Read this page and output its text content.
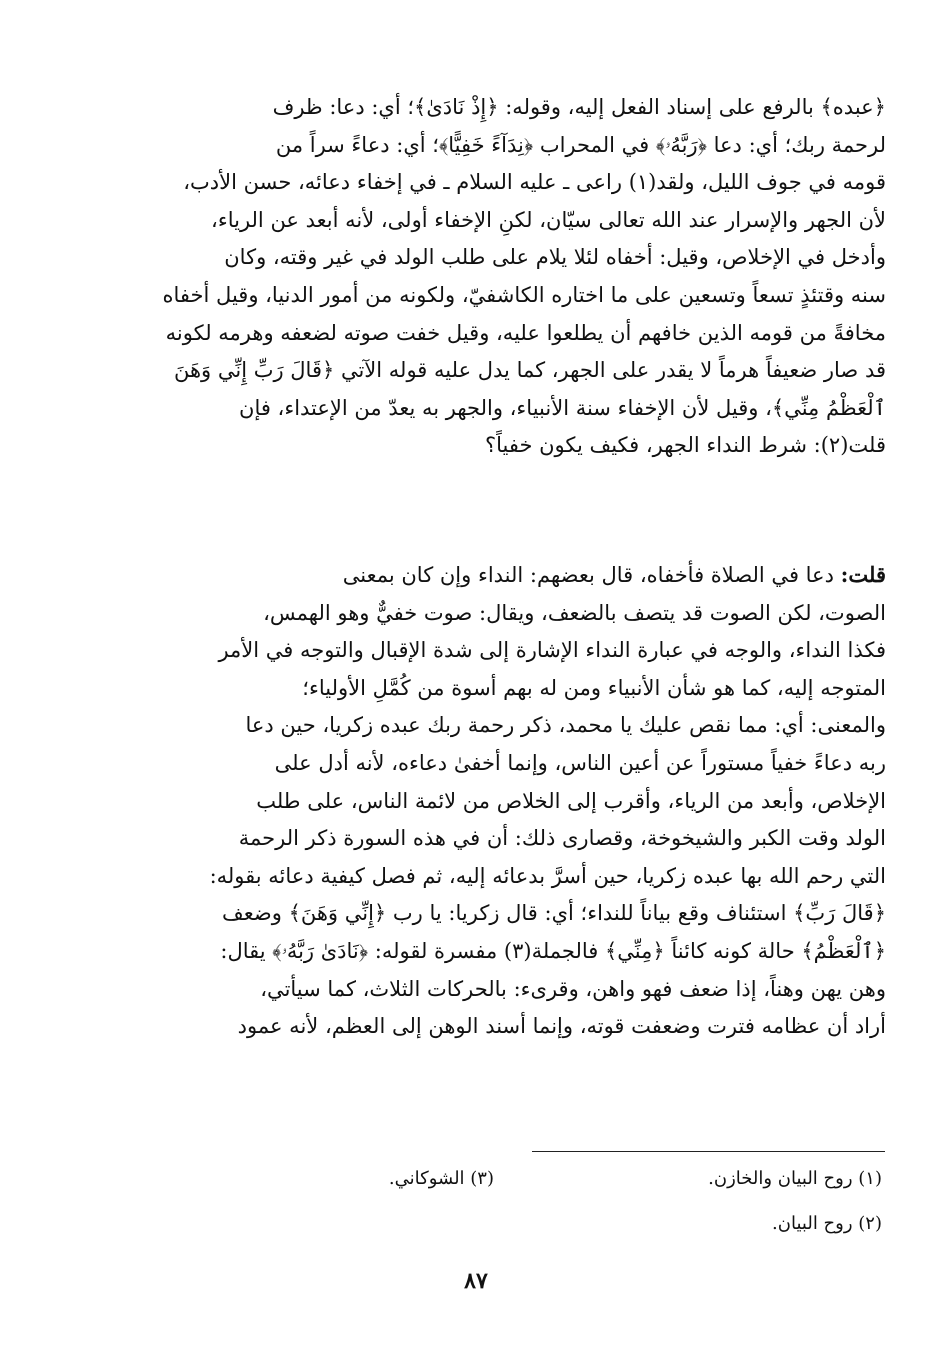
﴿عبده﴾ بالرفع على إسناد الفعل إليه، وقوله: ﴿إِذْ نَادَىٰ﴾؛ أي: دعا: ظرف
لرحمة ربك؛ أي: دعا ﴿رَبَّهُۥ﴾ في المحراب ﴿نِدَآءً خَفِيًّا﴾؛ أي: دعاءً سراً من
قومه في جوف الليل، ولقد(١) راعى ـ عليه السلام ـ في إخفاء دعائه، حسن الأدب،
لأن الجهر والإسرار عند الله تعالى سيّان، لكنِ الإخفاء أولى، لأنه أبعد عن الرياء،
وأدخل في الإخلاص، وقيل: أخفاه لئلا يلام على طلب الولد في غير وقته، وكان
سنه وقتئذٍ تسعاً وتسعين على ما اختاره الكاشفيّ، ولكونه من أمور الدنيا، وقيل أخفاه
مخافةً من قومه الذين خافهم أن يطلعوا عليه، وقيل خفت صوته لضعفه وهرمه لكونه
قد صار ضعيفاً هرماً لا يقدر على الجهر، كما يدل عليه قوله الآتي ﴿قَالَ رَبِّ إِنِّي وَهَنَ
ٱلْعَظْمُ مِنِّي﴾، وقيل لأن الإخفاء سنة الأنبياء، والجهر به يعدّ من الإعتداء، فإن
قلت(٢): شرط النداء الجهر، فكيف يكون خفياً؟
قلت: دعا في الصلاة فأخفاه، قال بعضهم: النداء وإن كان بمعنى
الصوت، لكن الصوت قد يتصف بالضعف، ويقال: صوت خفيٌّ وهو الهمس،
فكذا النداء، والوجه في عبارة النداء الإشارة إلى شدة الإقبال والتوجه في الأمر
المتوجه إليه، كما هو شأن الأنبياء ومن له بهم أسوة من كُمَّلِ الأولياء؛
والمعنى: أي: مما نقص عليك يا محمد، ذكر رحمة ربك عبده زكريا، حين دعا
ربه دعاءً خفياً مستوراً عن أعين الناس، وإنما أخفىٰ دعاءه، لأنه أدل على
الإخلاص، وأبعد من الرياء، وأقرب إلى الخلاص من لائمة الناس، على طلب
الولد وقت الكبر والشيخوخة، وقصارى ذلك: أن في هذه السورة ذكر الرحمة
التي رحم الله بها عبده زكريا، حين أسرَّ بدعائه إليه، ثم فصل كيفية دعائه بقوله:
﴿قَالَ رَبِّ﴾ استئناف وقع بياناً للنداء؛ أي: قال زكريا: يا رب ﴿إِنِّي وَهَنَ﴾ وضعف
﴿ٱلْعَظْمُ﴾ حالة كونه كائناً ﴿مِنِّي﴾ فالجملة(٣) مفسرة لقوله: ﴿نَادَىٰ رَبَّهُۥ﴾ يقال:
وهن يهن وهناً، إذا ضعف فهو واهن، وقرىء: بالحركات الثلاث، كما سيأتي،
أراد أن عظامه فترت وضعفت قوته، وإنما أسند الوهن إلى العظم، لأنه عمود
(١) روح البيان والخازن.
(٣) الشوكاني.
(٢) روح البيان.
٨٧
